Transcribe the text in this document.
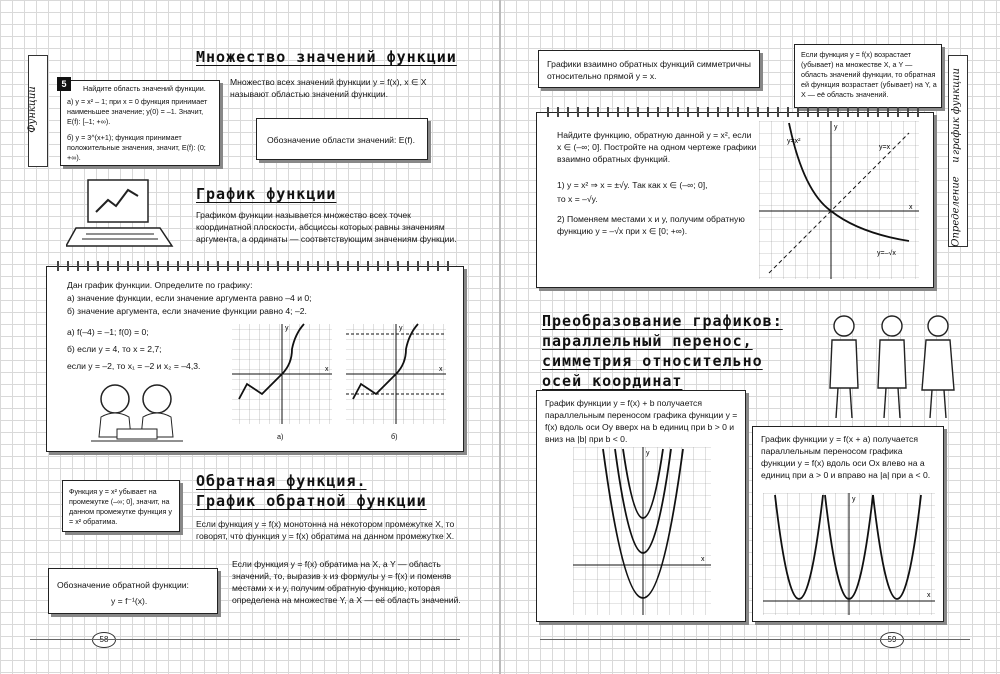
Функции
Множество значений функции
Множество всех значений функции y = f(x), x ∈ X называют областью значений функции.
Обозначение области значений: E(f).
5	Найдите область значений функции.
а) y = x² – 1; при x = 0 функция принимает наименьшее значение; y(0) = –1. Значит, E(f): [–1; +∞).
б) y = 3^(x+1); функция принимает положительные значения, значит, E(f): (0; +∞).
График функции
Графиком функции называется множество всех точек координатной плоскости, абсциссы которых равны значениям аргумента, а ординаты — соответствующим значениям функции.
Дан график функции. Определите по графику:
а) значение функции, если значение аргумента равно –4 и 0;
б) значение аргумента, если значение функции равно 4; –2.
а) f(–4) = –1; f(0) = 0;
б) если y = 4, то x = 2,7;
если y = –2, то x₁ = –2 и x₂ = –4,3.	x
y
а)
x
y
б)
Обратная функция.
График обратной функции
Функция y = x² убывает на промежутке (–∞; 0], значит, на данном промежутке функция y = x² обратима.	Если функция y = f(x) монотонна на некотором промежутке X, то говорят, что функция y = f(x) обратима на данном промежутке X.
Если функция y = f(x) обратима на X, а Y — область значений, то, выразив x из формулы y = f(x) и поменяв местами x и y, получим обратную функцию, которая определена на множестве Y, а X — её область значений.
Обозначение обратной функции:
y = f⁻¹(x).
Определение
и
график функции
Графики взаимно обратных функций симметричны относительно прямой y = x.
Если функция y = f(x) возрастает (убывает) на множестве X, а Y — область значений функции, то обратная ей функция возрастает (убывает) на Y, а X — её область значений.
Найдите функцию, обратную данной y = x², если x ∈ (–∞; 0]. Постройте на одном чертеже графики взаимно обратных функций.
1) y = x² ⇒ x = ±√y. Так как x ∈ (–∞; 0],
то x = –√y.
2) Поменяем местами x и y, получим обратную функцию y = –√x при x ∈ [0; +∞).
x
y
y=x²
y=x
y=–√x
Преобразование графиков:
параллельный перенос,
симметрия относительно
осей координат
График функции y = f(x) + b получается параллельным переносом графика функции y = f(x) вдоль оси Oy вверх на b единиц при b > 0 и вниз на |b| при b < 0.
x
y
График функции y = f(x + a) получается параллельным переносом графика функции y = f(x) вдоль оси Ox влево на a единиц при a > 0 и вправо на |a| при a < 0.
x
y
